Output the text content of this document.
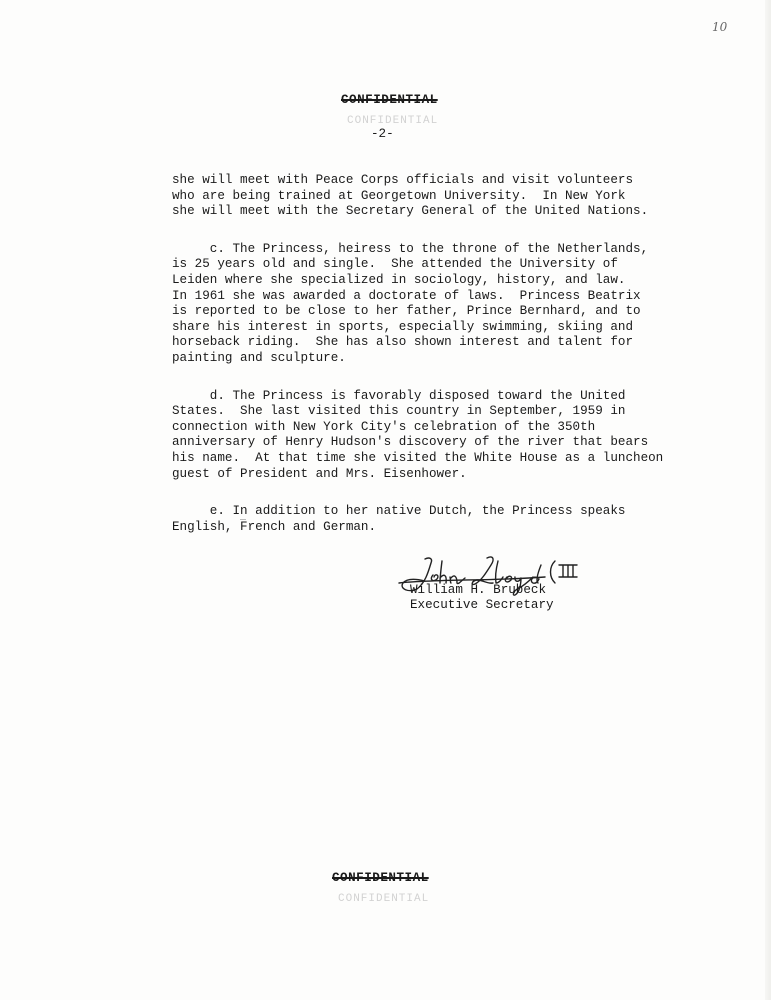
10
CONFIDENTIAL
CONFIDENTIAL
-2-

she will meet with Peace Corps officials and visit volunteers
who are being trained at Georgetown University.  In New York
she will meet with the Secretary General of the United Nations.

c. The Princess, heiress to the throne of the Netherlands,
is 25 years old and single.  She attended the University of
Leiden where she specialized in sociology, history, and law.
In 1961 she was awarded a doctorate of laws.  Princess Beatrix
is reported to be close to her father, Prince Bernhard, and to
share his interest in sports, especially swimming, skiing and
horseback riding.  She has also shown interest and talent for
painting and sculpture.

d. The Princess is favorably disposed toward the United
States.  She last visited this country in September, 1959 in
connection with New York City's celebration of the 350th
anniversary of Henry Hudson's discovery of the river that bears
his name.  At that time she visited the White House as a luncheon
guest of President and Mrs. Eisenhower.

e. In addition to her native Dutch, the Princess speaks
English, French and German.

William H. Brubeck
Executive Secretary
CONFIDENTIAL
CONFIDENTIAL
